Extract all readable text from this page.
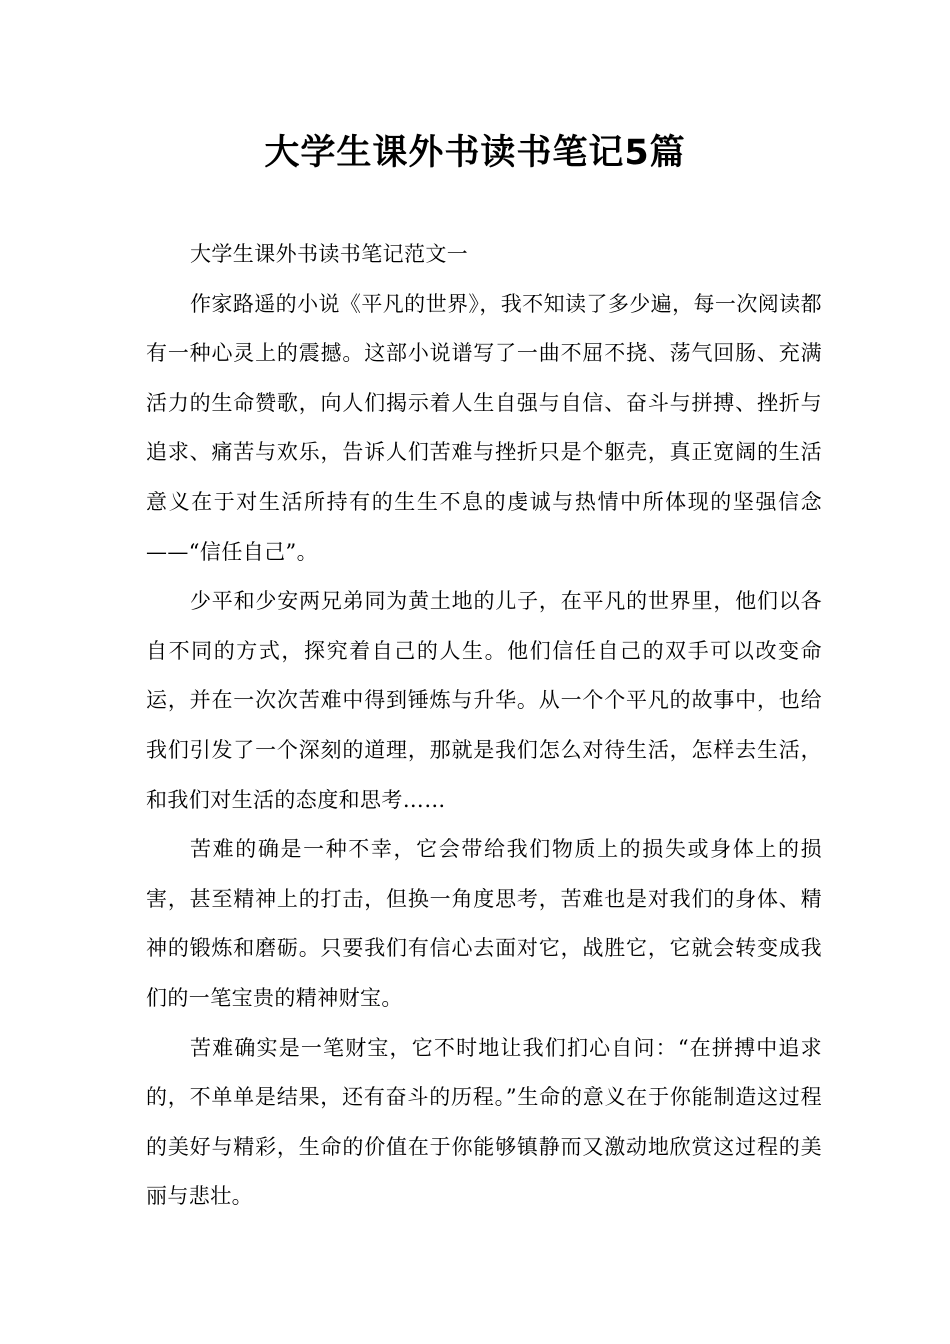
大学生课外书读书笔记5篇

大学生课外书读书笔记范文一

作家路遥的小说《平凡的世界》，我不知读了多少遍，每一次阅读都有一种心灵上的震撼。这部小说谱写了一曲不屈不挠、荡气回肠、充满活力的生命赞歌，向人们揭示着人生自强与自信、奋斗与拼搏、挫折与追求、痛苦与欢乐，告诉人们苦难与挫折只是个躯壳，真正宽阔的生活意义在于对生活所持有的生生不息的虔诚与热情中所体现的坚强信念——“信任自己”。

少平和少安两兄弟同为黄土地的儿子，在平凡的世界里，他们以各自不同的方式，探究着自己的人生。他们信任自己的双手可以改变命运，并在一次次苦难中得到锤炼与升华。从一个个平凡的故事中，也给我们引发了一个深刻的道理，那就是我们怎么对待生活，怎样去生活，和我们对生活的态度和思考……

苦难的确是一种不幸，它会带给我们物质上的损失或身体上的损害，甚至精神上的打击，但换一角度思考，苦难也是对我们的身体、精神的锻炼和磨砺。只要我们有信心去面对它，战胜它，它就会转变成我们的一笔宝贵的精神财宝。

苦难确实是一笔财宝，它不时地让我们扪心自问：“在拼搏中追求的，不单单是结果，还有奋斗的历程。”生命的意义在于你能制造这过程的美好与精彩，生命的价值在于你能够镇静而又激动地欣赏这过程的美丽与悲壮。
